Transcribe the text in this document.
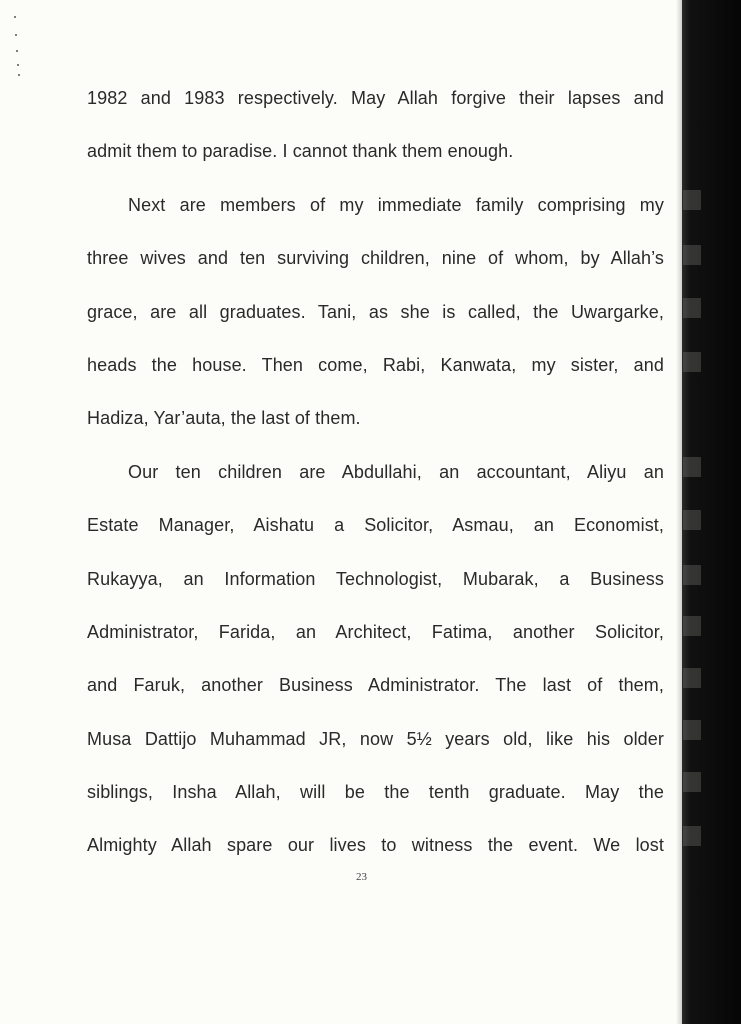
1982 and 1983 respectively. May Allah forgive their lapses and
admit them to paradise. I cannot thank them enough.
Next are members of my immediate family comprising my
three wives and ten surviving children, nine of whom, by Allah’s
grace, are all graduates. Tani, as she is called, the Uwargarke,
heads the house. Then come, Rabi, Kanwata, my sister, and
Hadiza, Yar’auta, the last of them.
Our ten children are Abdullahi, an accountant, Aliyu an
Estate Manager, Aishatu a Solicitor, Asmau, an Economist,
Rukayya, an Information Technologist, Mubarak, a Business
Administrator, Farida, an Architect, Fatima, another Solicitor,
and Faruk, another Business Administrator. The last of them,
Musa Dattijo Muhammad JR, now 5½ years old, like his older
siblings, Insha Allah, will be the tenth graduate. May the
Almighty Allah spare our lives to witness the event. We lost
23
